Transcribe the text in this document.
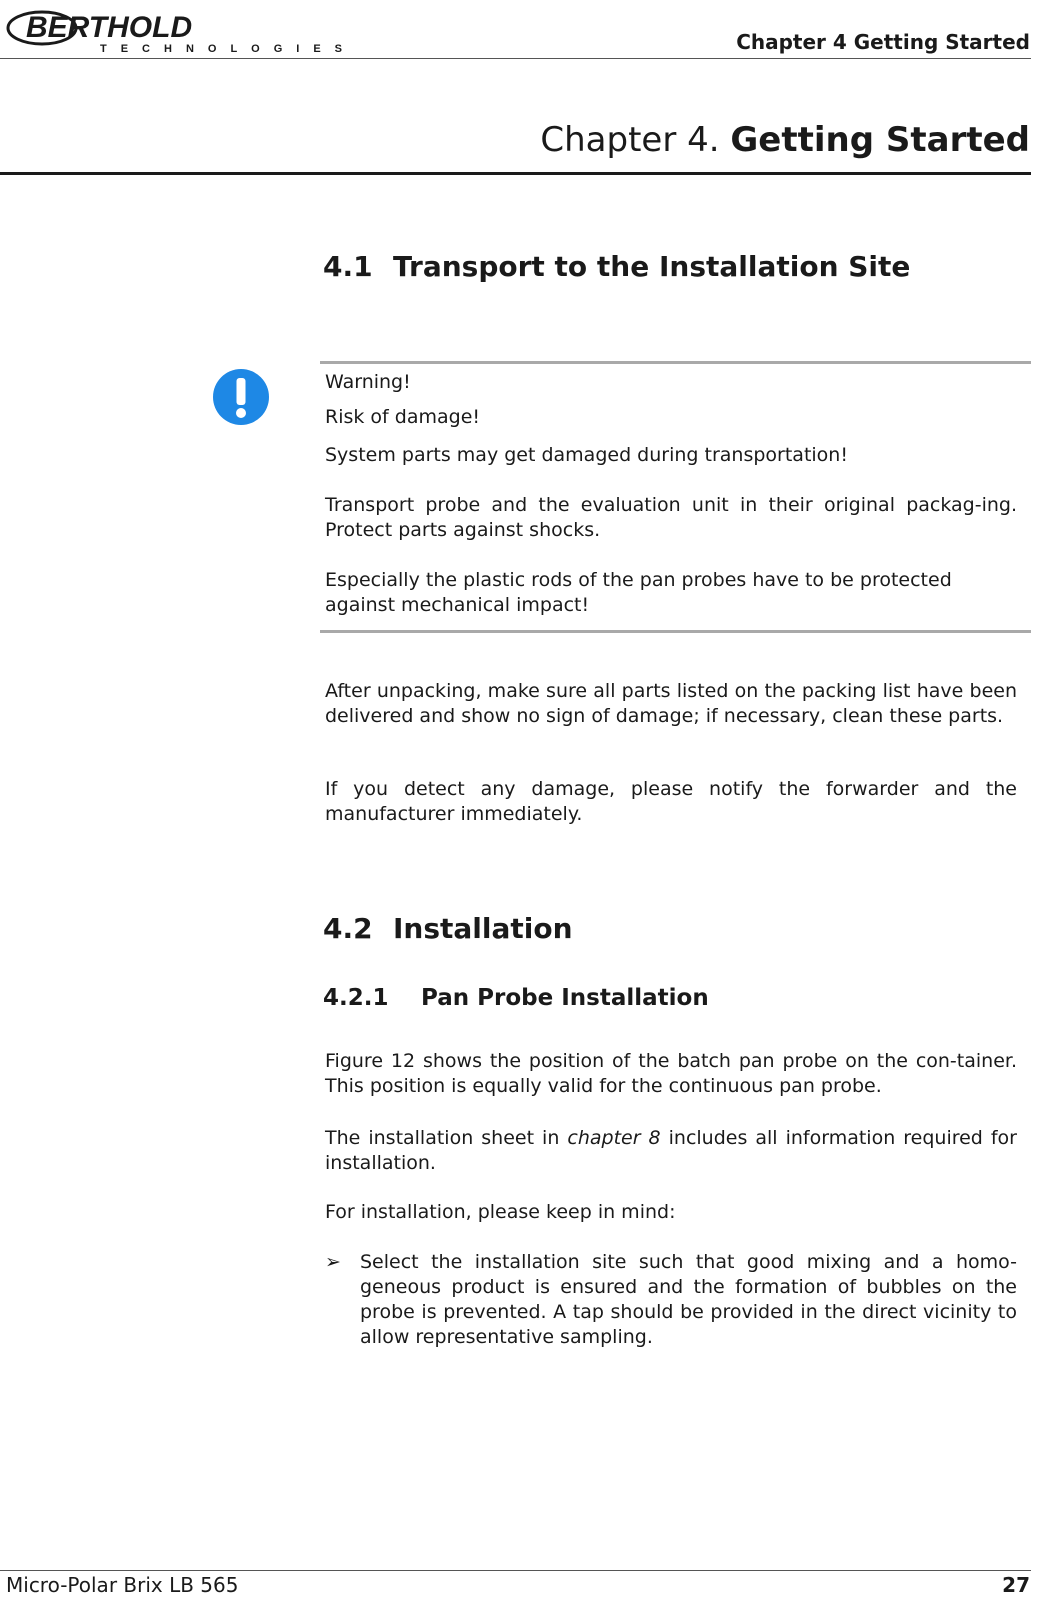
BERTHOLD
TECHNOLOGIES	Chapter 4 Getting Started
Chapter 4. Getting Started
4.1 Transport to the Installation Site
Warning!
Risk of damage!
System parts may get damaged during transportation!
Transport probe and the evaluation unit in their original packag-ing. Protect parts against shocks.
Especially the plastic rods of the pan probes have to be protected against mechanical impact!
After unpacking, make sure all parts listed on the packing list have been delivered and show no sign of damage; if necessary, clean these parts.
If you detect any damage, please notify the forwarder and the manufacturer immediately.
4.2 Installation
4.2.1 Pan Probe Installation
Figure 12 shows the position of the batch pan probe on the con-tainer. This position is equally valid for the continuous pan probe.
The installation sheet in chapter 8 includes all information required for installation.
For installation, please keep in mind:
➢ Select the installation site such that good mixing and a homo-geneous product is ensured and the formation of bubbles on the probe is prevented. A tap should be provided in the direct vicinity to allow representative sampling.
Micro-Polar Brix LB 565	27
